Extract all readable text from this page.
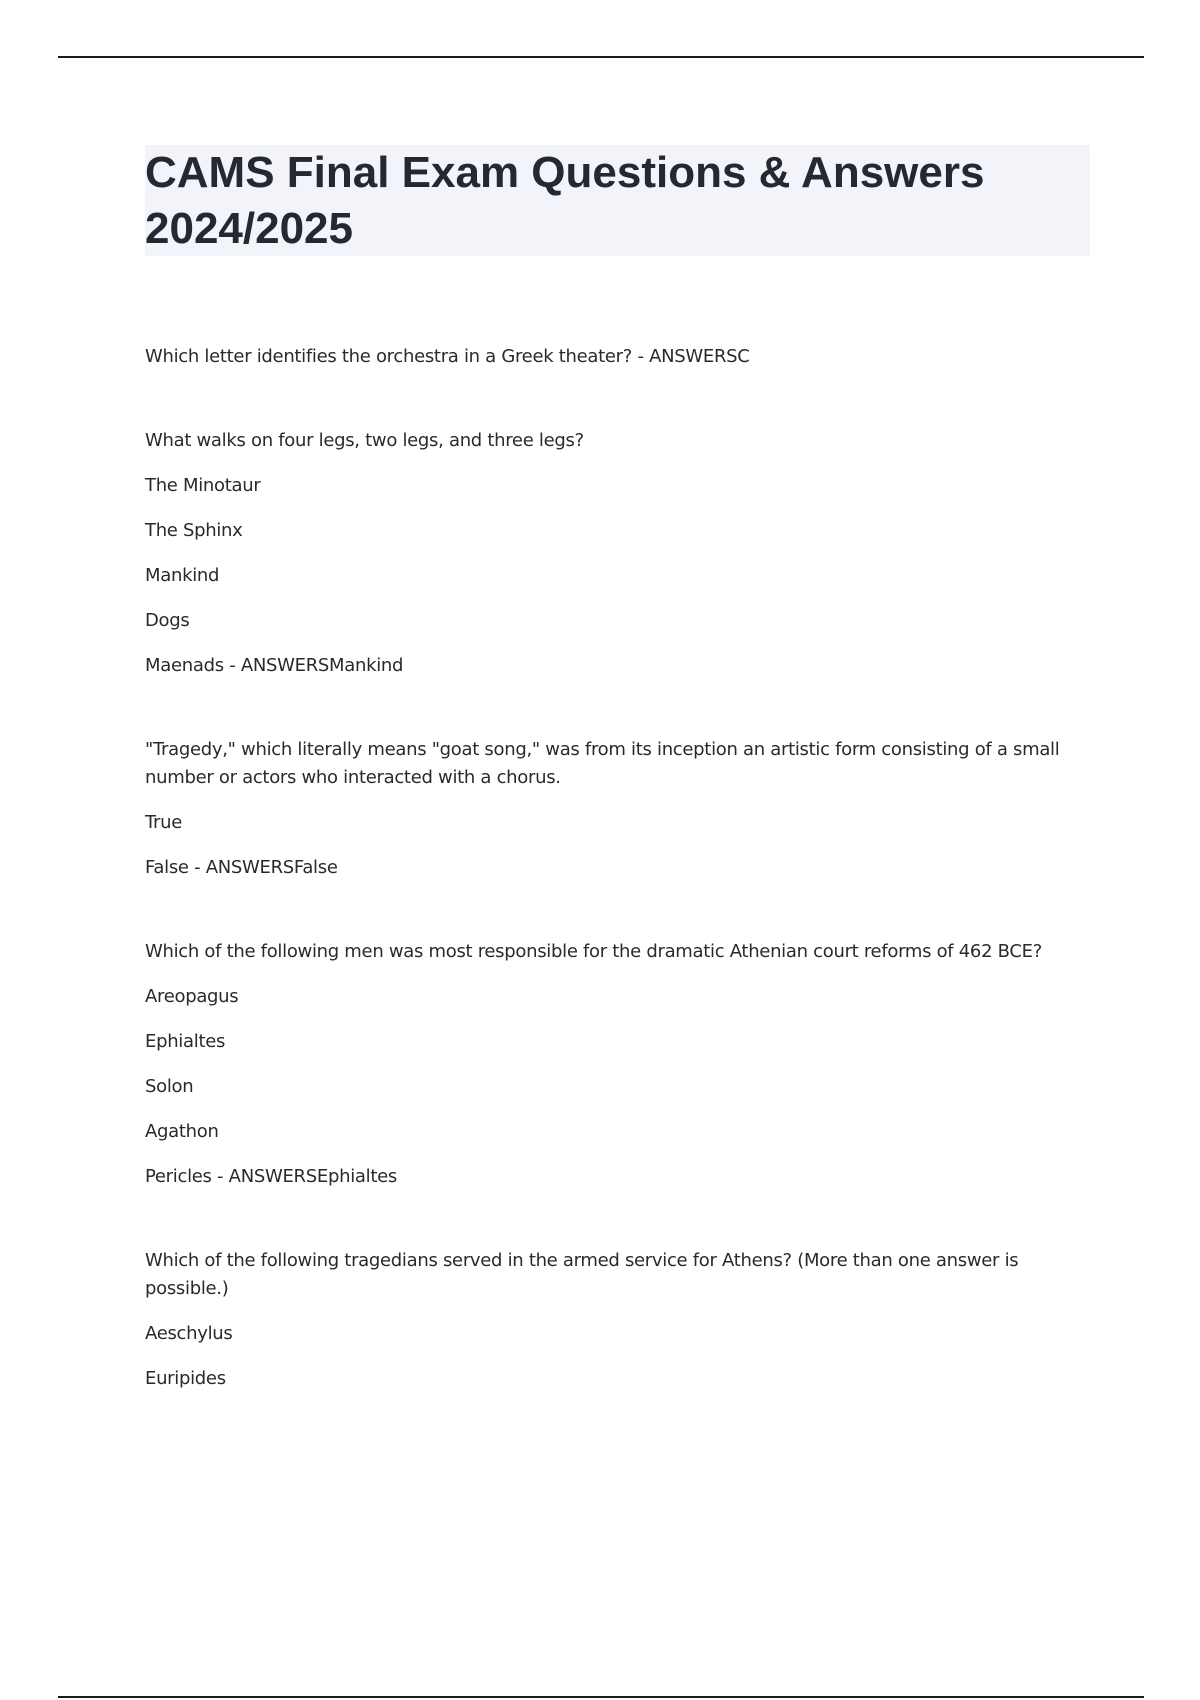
CAMS Final Exam Questions & Answers 2024/2025
Which letter identifies the orchestra in a Greek theater? - ANSWERSC
What walks on four legs, two legs, and three legs?
The Minotaur
The Sphinx
Mankind
Dogs
Maenads - ANSWERSMankind
"Tragedy," which literally means "goat song," was from its inception an artistic form consisting of a small number or actors who interacted with a chorus.
True
False - ANSWERSFalse
Which of the following men was most responsible for the dramatic Athenian court reforms of 462 BCE?
Areopagus
Ephialtes
Solon
Agathon
Pericles - ANSWERSEphialtes
Which of the following tragedians served in the armed service for Athens? (More than one answer is possible.)
Aeschylus
Euripides
